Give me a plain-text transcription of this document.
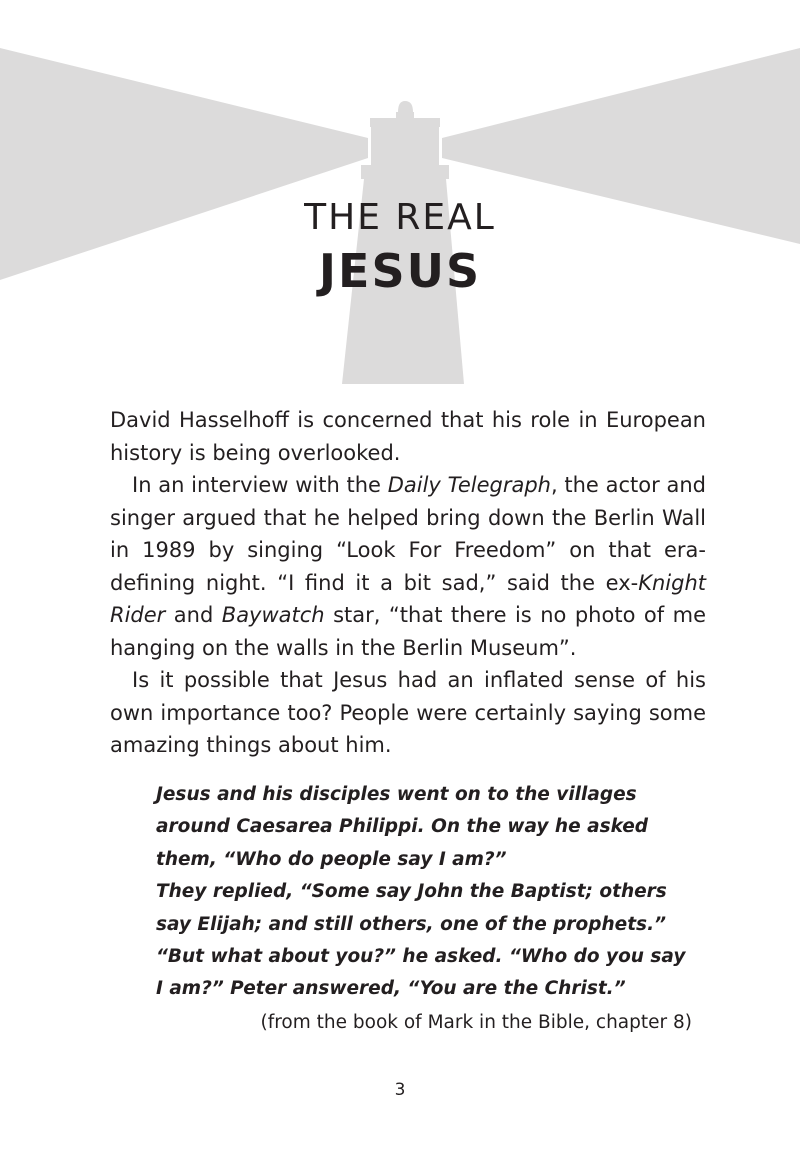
THE REAL
JESUS

David Hasselhoff is concerned that his role in European history is being overlooked.

In an interview with the Daily Telegraph, the actor and singer argued that he helped bring down the Berlin Wall in 1989 by singing “Look For Freedom” on that era-defining night. “I find it a bit sad,” said the ex-Knight Rider and Baywatch star, “that there is no photo of me hanging on the walls in the Berlin Museum”.

Is it possible that Jesus had an inflated sense of his own importance too? People were certainly saying some amazing things about him.

Jesus and his disciples went on to the villages around Caesarea Philippi. On the way he asked them, “Who do people say I am?”

They replied, “Some say John the Baptist; others say Elijah; and still others, one of the prophets.”

“But what about you?” he asked. “Who do you say I am?” Peter answered, “You are the Christ.”

(from the book of Mark in the Bible, chapter 8)
3
